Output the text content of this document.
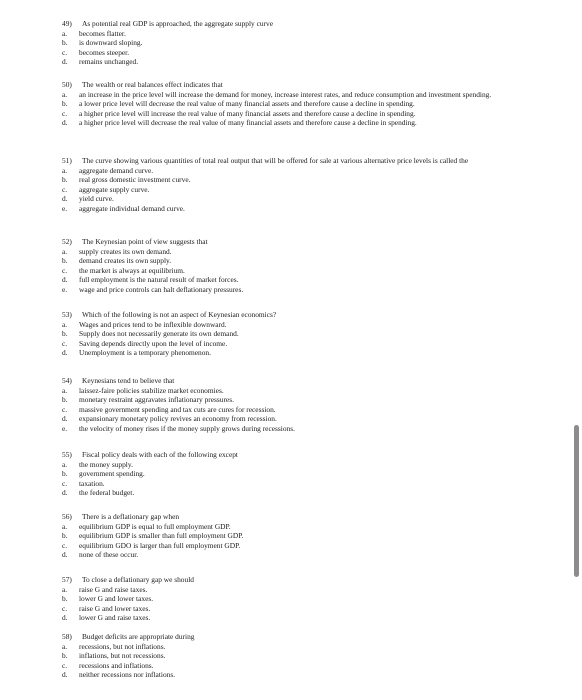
49)	As potential real GDP is approached, the aggregate supply curve
a.	becomes flatter.
b.	is downward sloping.
c.	becomes steeper.
d.	remains unchanged.
50)	The wealth or real balances effect indicates that
a.	an increase in the price level will increase the demand for money, increase interest rates, and reduce consumption and investment spending.
b.	a lower price level will decrease the real value of many financial assets and therefore cause a decline in spending.
c.	a higher price level will increase the real value of many financial assets and therefore cause a decline in spending.
d.	a higher price level will decrease the real value of many financial assets and therefore cause a decline in spending.
51)	The curve showing various quantities of total real output that will be offered for sale at various alternative price levels is called the
a.	aggregate demand curve.
b.	real gross domestic investment curve.
c.	aggregate supply curve.
d.	yield curve.
e.	aggregate individual demand curve.
52)	The Keynesian point of view suggests that
a.	supply creates its own demand.
b.	demand creates its own supply.
c.	the market is always at equilibrium.
d.	full employment is the natural result of market forces.
e.	wage and price controls can halt deflationary pressures.
53)	Which of the following is not an aspect of Keynesian economics?
a.	Wages and prices tend to be inflexible downward.
b.	Supply does not necessarily generate its own demand.
c.	Saving depends directly upon the level of income.
d.	Unemployment is a temporary phenomenon.
54)	Keynesians tend to believe that
a.	laissez-faire policies stabilize market economies.
b.	monetary restraint aggravates inflationary pressures.
c.	massive government spending and tax cuts are cures for recession.
d.	expansionary monetary policy revives an economy from recession.
e.	the velocity of money rises if the money supply grows during recessions.
55)	Fiscal policy deals with each of the following except
a.	the money supply.
b.	government spending.
c.	taxation.
d.	the federal budget.
56)	There is a deflationary gap when
a.	equilibrium GDP is equal to full employment GDP.
b.	equilibrium GDP is smaller than full employment GDP.
c.	equilibrium GDO is larger than full employment GDP.
d.	none of these occur.
57)	To close a deflationary gap we should
a.	raise G and raise taxes.
b.	lower G and lower taxes.
c.	raise G and lower taxes.
d.	lower G and raise taxes.
58)	Budget deficits are appropriate during
a.	recessions, but not inflations.
b.	inflations, but not recessions.
c.	recessions and inflations.
d.	neither recessions nor inflations.
